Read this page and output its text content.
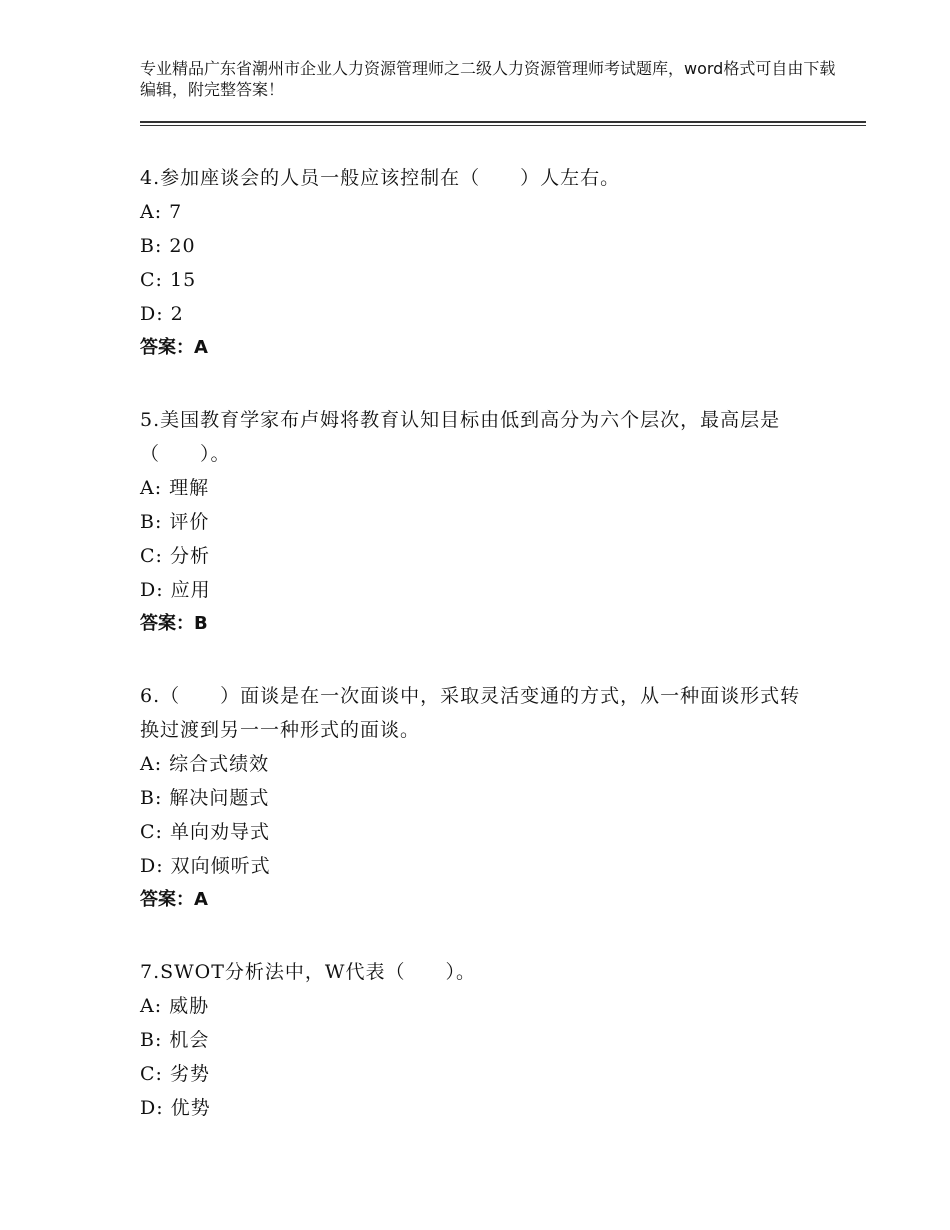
专业精品广东省潮州市企业人力资源管理师之二级人力资源管理师考试题库，word格式可自由下载编辑，附完整答案！

4.参加座谈会的人员一般应该控制在（　　）人左右。

A: 7

B: 20

C: 15

D: 2

答案：A

5.美国教育学家布卢姆将教育认知目标由低到高分为六个层次，最高层是（　　）。

A: 理解

B: 评价

C: 分析

D: 应用

答案：B

6.（　　）面谈是在一次面谈中，采取灵活变通的方式，从一种面谈形式转换过渡到另一一种形式的面谈。

A: 综合式绩效

B: 解决问题式

C: 单向劝导式

D: 双向倾听式

答案：A

7.SWOT分析法中，W代表（　　）。

A: 威胁

B: 机会

C: 劣势

D: 优势
